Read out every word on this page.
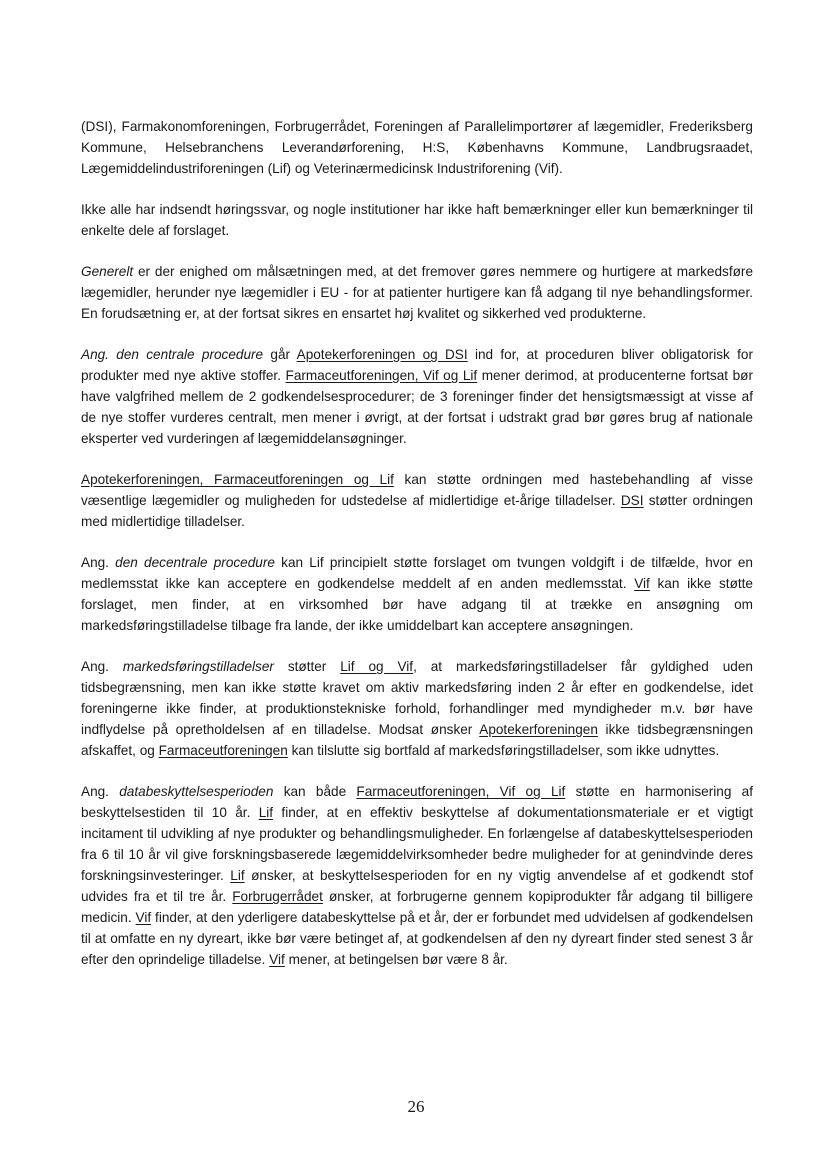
(DSI), Farmakonomforeningen, Forbrugerrådet, Foreningen af Parallelimportører af lægemidler, Frederiksberg Kommune, Helsebranchens Leverandørforening, H:S, Københavns Kommune, Landbrugsraadet, Lægemiddelindustriforeningen (Lif) og Veterinærmedicinsk Industriforening (Vif).

Ikke alle har indsendt høringssvar, og nogle institutioner har ikke haft bemærkninger eller kun bemærkninger til enkelte dele af forslaget.

Generelt er der enighed om målsætningen med, at det fremover gøres nemmere og hurtigere at markedsføre lægemidler, herunder nye lægemidler i EU - for at patienter hurtigere kan få adgang til nye behandlingsformer. En forudsætning er, at der fortsat sikres en ensartet høj kvalitet og sikkerhed ved produkterne.

Ang. den centrale procedure går Apotekerforeningen og DSI ind for, at proceduren bliver obligatorisk for produkter med nye aktive stoffer. Farmaceutforeningen, Vif og Lif mener derimod, at producenterne fortsat bør have valgfrihed mellem de 2 godkendelsesprocedurer; de 3 foreninger finder det hensigtsmæssigt at visse af de nye stoffer vurderes centralt, men mener i øvrigt, at der fortsat i udstrakt grad bør gøres brug af nationale eksperter ved vurderingen af lægemiddelansøgninger.

Apotekerforeningen, Farmaceutforeningen og Lif kan støtte ordningen med hastebehandling af visse væsentlige lægemidler og muligheden for udstedelse af midlertidige et-årige tilladelser. DSI støtter ordningen med midlertidige tilladelser.

Ang. den decentrale procedure kan Lif principielt støtte forslaget om tvungen voldgift i de tilfælde, hvor en medlemsstat ikke kan acceptere en godkendelse meddelt af en anden medlemsstat. Vif kan ikke støtte forslaget, men finder, at en virksomhed bør have adgang til at trække en ansøgning om markedsføringstilladelse tilbage fra lande, der ikke umiddelbart kan acceptere ansøgningen.

Ang. markedsføringstilladelser støtter Lif og Vif, at markedsføringstilladelser får gyldighed uden tidsbegrænsning, men kan ikke støtte kravet om aktiv markedsføring inden 2 år efter en godkendelse, idet foreningerne ikke finder, at produktionstekniske forhold, forhandlinger med myndigheder m.v. bør have indflydelse på opretholdelsen af en tilladelse. Modsat ønsker Apotekerforeningen ikke tidsbegrænsningen afskaffet, og Farmaceutforeningen kan tilslutte sig bortfald af markedsføringstilladelser, som ikke udnyttes.

Ang. databeskyttelsesperioden kan både Farmaceutforeningen, Vif og Lif støtte en harmonisering af beskyttelsestiden til 10 år. Lif finder, at en effektiv beskyttelse af dokumentationsmateriale er et vigtigt incitament til udvikling af nye produkter og behandlingsmuligheder. En forlængelse af databeskyttelsesperioden fra 6 til 10 år vil give forskningsbaserede lægemiddelvirksomheder bedre muligheder for at genindvinde deres forskningsinvesteringer. Lif ønsker, at beskyttelsesperioden for en ny vigtig anvendelse af et godkendt stof udvides fra et til tre år. Forbrugerrådet ønsker, at forbrugerne gennem kopiprodukter får adgang til billigere medicin. Vif finder, at den yderligere databeskyttelse på et år, der er forbundet med udvidelsen af godkendelsen til at omfatte en ny dyreart, ikke bør være betinget af, at godkendelsen af den ny dyreart finder sted senest 3 år efter den oprindelige tilladelse. Vif mener, at betingelsen bør være 8 år.

26
